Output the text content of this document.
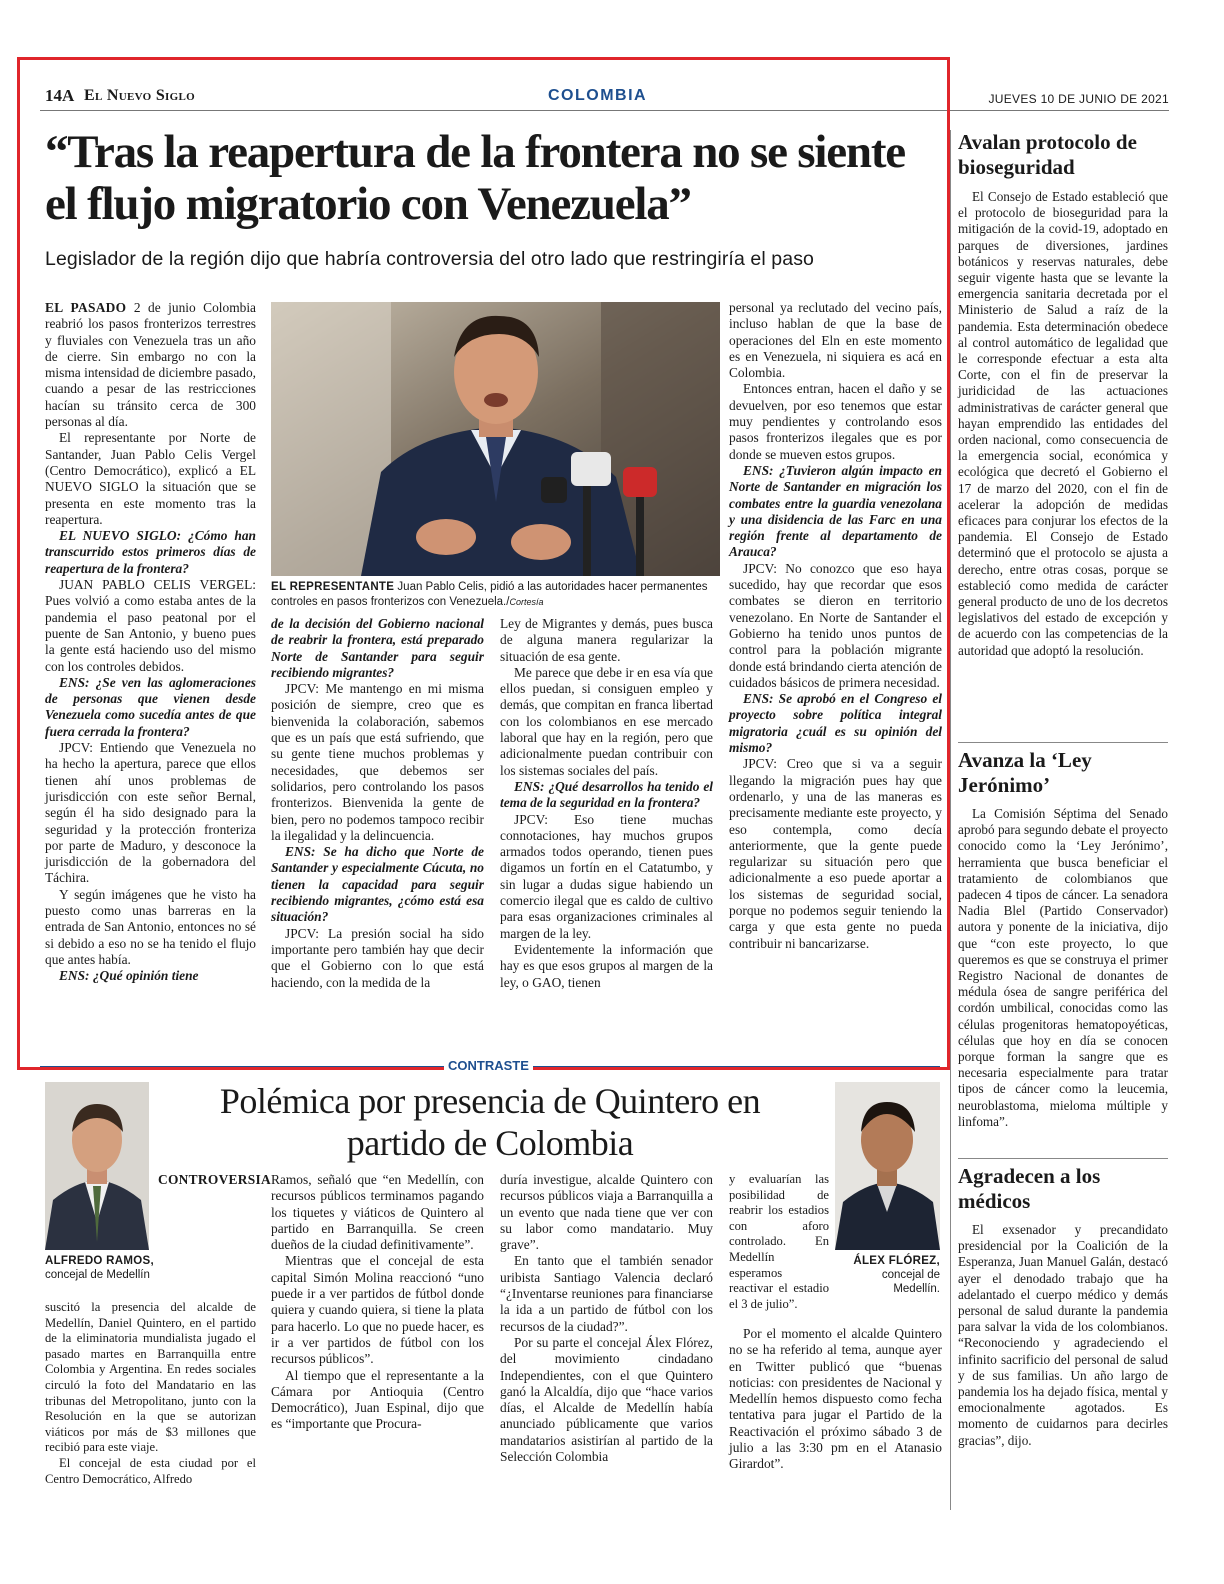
14A El Nuevo Siglo	COLOMBIA	JUEVES 10 DE JUNIO DE 2021
“Tras la reapertura de la frontera no se siente el flujo migratorio con Venezuela”
Legislador de la región dijo que habría controversia del otro lado que restringiría el paso

EL PASADO 2 de junio Colombia reabrió los pasos fronterizos terrestres y fluviales con Venezuela tras un año de cierre. Sin embargo no con la misma intensidad de diciembre pasado, cuando a pesar de las restricciones hacían su tránsito cerca de 300 personas al día.

El representante por Norte de Santander, Juan Pablo Celis Vergel (Centro Democrático), explicó a EL NUEVO SIGLO la situación que se presenta en este momento tras la reapertura.

EL NUEVO SIGLO: ¿Cómo han transcurrido estos primeros días de reapertura de la frontera?

JUAN PABLO CELIS VERGEL: Pues volvió a como estaba antes de la pandemia el paso peatonal por el puente de San Antonio, y bueno pues la gente está haciendo uso del mismo con los controles debidos.

ENS: ¿Se ven las aglomeraciones de personas que vienen desde Venezuela como sucedía antes de que fuera cerrada la frontera?

JPCV: Entiendo que Venezuela no ha hecho la apertura, parece que ellos tienen ahí unos problemas de jurisdicción con este señor Bernal, según él ha sido designado para la seguridad y la protección fronteriza por parte de Maduro, y desconoce la jurisdicción de la gobernadora del Táchira.

Y según imágenes que he visto ha puesto como unas barreras en la entrada de San Antonio, entonces no sé si debido a eso no se ha tenido el flujo que antes había.

ENS: ¿Qué opinión tiene

EL REPRESENTANTE Juan Pablo Celis, pidió a las autoridades hacer permanentes controles en pasos fronterizos con Venezuela./Cortesía

de la decisión del Gobierno nacional de reabrir la frontera, está preparado Norte de Santander para seguir recibiendo migrantes?

JPCV: Me mantengo en mi misma posición de siempre, creo que es bienvenida la colaboración, sabemos que es un país que está sufriendo, que su gente tiene muchos problemas y necesidades, que debemos ser solidarios, pero controlando los pasos fronterizos. Bienvenida la gente de bien, pero no podemos tampoco recibir la ilegalidad y la delincuencia.

ENS: Se ha dicho que Norte de Santander y especialmente Cúcuta, no tienen la capacidad para seguir recibiendo migrantes, ¿cómo está esa situación?

JPCV: La presión social ha sido importante pero también hay que decir que el Gobierno con lo que está haciendo, con la medida de la

Ley de Migrantes y demás, pues busca de alguna manera regularizar la situación de esa gente.

Me parece que debe ir en esa vía que ellos puedan, si consiguen empleo y demás, que compitan en franca libertad con los colombianos en ese mercado laboral que hay en la región, pero que adicionalmente puedan contribuir con los sistemas sociales del país.

ENS: ¿Qué desarrollos ha tenido el tema de la seguridad en la frontera?

JPCV: Eso tiene muchas connotaciones, hay muchos grupos armados todos operando, tienen pues digamos un fortín en el Catatumbo, y sin lugar a dudas sigue habiendo un comercio ilegal que es caldo de cultivo para esas organizaciones criminales al margen de la ley.

Evidentemente la información que hay es que esos grupos al margen de la ley, o GAO, tienen

personal ya reclutado del vecino país, incluso hablan de que la base de operaciones del Eln en este momento es en Venezuela, ni siquiera es acá en Colombia.

Entonces entran, hacen el daño y se devuelven, por eso tenemos que estar muy pendientes y controlando esos pasos fronterizos ilegales que es por donde se mueven estos grupos.

ENS: ¿Tuvieron algún impacto en Norte de Santander en migración los combates entre la guardia venezolana y una disidencia de las Farc en una región frente al departamento de Arauca?

JPCV: No conozco que eso haya sucedido, hay que recordar que esos combates se dieron en territorio venezolano. En Norte de Santander el Gobierno ha tenido unos puntos de control para la población migrante donde está brindando cierta atención de cuidados básicos de primera necesidad.

ENS: Se aprobó en el Congreso el proyecto sobre política integral migratoria ¿cuál es su opinión del mismo?

JPCV: Creo que si va a seguir llegando la migración pues hay que ordenarlo, y una de las maneras es precisamente mediante este proyecto, y eso contempla, como decía anteriormente, que la gente puede regularizar su situación pero que adicionalmente a eso puede aportar a los sistemas de seguridad social, porque no podemos seguir teniendo la carga y que esta gente no pueda contribuir ni bancarizarse.

CONTRASTE
Polémica por presencia de Quintero en partido de Colombia
ALFREDO RAMOS,
concejal de Medellín
ÁLEX FLÓREZ,
concejal de Medellín.

CONTROVERSIA

suscitó la presencia del alcalde de Medellín, Daniel Quintero, en el partido de la eliminatoria mundialista jugado el pasado martes en Barranquilla entre Colombia y Argentina. En redes sociales circuló la foto del Mandatario en las tribunas del Metropolitano, junto con la Resolución en la que se autorizan viáticos por más de $3 millones que recibió para este viaje.

El concejal de esta ciudad por el Centro Democrático, Alfredo

Ramos, señaló que “en Medellín, con recursos públicos terminamos pagando los tiquetes y viáticos de Quintero al partido en Barranquilla. Se creen dueños de la ciudad definitivamente”.

Mientras que el concejal de esta capital Simón Molina reaccionó “uno puede ir a ver partidos de fútbol donde quiera y cuando quiera, si tiene la plata para hacerlo. Lo que no puede hacer, es ir a ver partidos de fútbol con los recursos públicos”.

Al tiempo que el representante a la Cámara por Antioquia (Centro Democrático), Juan Espinal, dijo que es “importante que Procura-

duría investigue, alcalde Quintero con recursos públicos viaja a Barranquilla a un evento que nada tiene que ver con su labor como mandatario. Muy grave”.

En tanto que el también senador uribista Santiago Valencia declaró “¿Inventarse reuniones para financiarse la ida a un partido de fútbol con los recursos de la ciudad?”.

Por su parte el concejal Álex Flórez, del movimiento cindadano Independientes, con el que Quintero ganó la Alcaldía, dijo que “hace varios días, el Alcalde de Medellín había anunciado públicamente que varios mandatarios asistirían al partido de la Selección Colombia

y evaluarían las posibilidad de reabrir los estadios con aforo controlado. En Medellín esperamos reactivar el estadio el 3 de julio”.

Por el momento el alcalde Quintero no se ha referido al tema, aunque ayer en Twitter publicó que “buenas noticias: con presidentes de Nacional y Medellín hemos dispuesto como fecha tentativa para jugar el Partido de la Reactivación el próximo sábado 3 de julio a las 3:30 pm en el Atanasio Girardot”.

Avalan protocolo de bioseguridad

El Consejo de Estado estableció que el protocolo de bioseguridad para la mitigación de la covid-19, adoptado en parques de diversiones, jardines botánicos y reservas naturales, debe seguir vigente hasta que se levante la emergencia sanitaria decretada por el Ministerio de Salud a raíz de la pandemia. Esta determinación obedece al control automático de legalidad que le corresponde efectuar a esta alta Corte, con el fin de preservar la juridicidad de las actuaciones administrativas de carácter general que hayan emprendido las entidades del orden nacional, como consecuencia de la emergencia social, económica y ecológica que decretó el Gobierno el 17 de marzo del 2020, con el fin de acelerar la adopción de medidas eficaces para conjurar los efectos de la pandemia. El Consejo de Estado determinó que el protocolo se ajusta a derecho, entre otras cosas, porque se estableció como medida de carácter general producto de uno de los decretos legislativos del estado de excepción y de acuerdo con las competencias de la autoridad que adoptó la resolución.

Avanza la ‘Ley Jerónimo’

La Comisión Séptima del Senado aprobó para segundo debate el proyecto conocido como la ‘Ley Jerónimo’, herramienta que busca beneficiar el tratamiento de colombianos que padecen 4 tipos de cáncer. La senadora Nadia Blel (Partido Conservador) autora y ponente de la iniciativa, dijo que “con este proyecto, lo que queremos es que se construya el primer Registro Nacional de donantes de médula ósea de sangre periférica del cordón umbilical, conocidas como las células progenitoras hematopoyéticas, células que hoy en día se conocen porque forman la sangre que es necesaria especialmente para tratar tipos de cáncer como la leucemia, neuroblastoma, mieloma múltiple y linfoma”.

Agradecen a los médicos

El exsenador y precandidato presidencial por la Coalición de la Esperanza, Juan Manuel Galán, destacó ayer el denodado trabajo que ha adelantado el cuerpo médico y demás personal de salud durante la pandemia para salvar la vida de los colombianos. “Reconociendo y agradeciendo el infinito sacrificio del personal de salud y de sus familias. Un año largo de pandemia los ha dejado física, mental y emocionalmente agotados. Es momento de cuidarnos para decirles gracias”, dijo.
